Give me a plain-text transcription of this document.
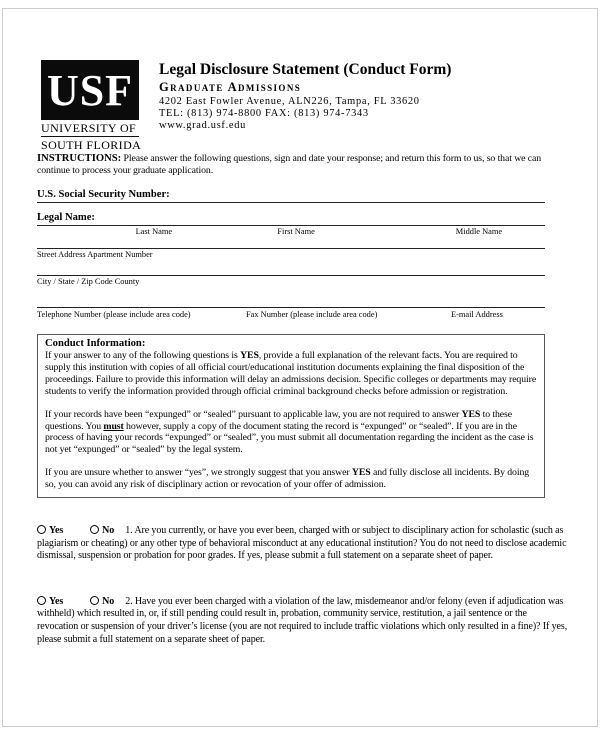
USF
UNIVERSITY OF
SOUTH FLORIDA
Legal Disclosure Statement (Conduct Form)
Graduate Admissions
4202 East Fowler Avenue, ALN226, Tampa, FL 33620
TEL: (813) 974-8800 FAX: (813) 974-7343
www.grad.usf.edu

INSTRUCTIONS: Please answer the following questions, sign and date your response; and return this form to us, so that we can continue to process your graduate application.

U.S. Social Security Number:
Legal Name:
Last Name	First Name	Middle Name
Street Address Apartment Number
City / State / Zip Code County
Telephone Number (please include area code)	Fax Number (please include area code)	E-mail Address
Conduct Information:

If your answer to any of the following questions is YES, provide a full explanation of the relevant facts. You are required to supply this institution with copies of all official court/educational institution documents explaining the final disposition of the proceedings. Failure to provide this information will delay an admissions decision. Specific colleges or departments may require students to verify the information provided through official criminal background checks before admission or registration.

If your records have been “expunged” or “sealed” pursuant to applicable law, you are not required to answer YES to these questions. You must however, supply a copy of the document stating the record is “expunged” or “sealed”. If you are in the process of having your records “expunged” or “sealed”, you must submit all documentation regarding the incident as the case is not yet “expunged” or “sealed” by the legal system.

If you are unsure whether to answer “yes”, we strongly suggest that you answer YES and fully disclose all incidents. By doing so, you can avoid any risk of disciplinary action or revocation of your offer of admission.

Yes	No 1. Are you currently, or have you ever been, charged with or subject to disciplinary action for scholastic (such as plagiarism or cheating) or any other type of behavioral misconduct at any educational institution? You do not need to disclose academic dismissal, suspension or probation for poor grades. If yes, please submit a full statement on a separate sheet of paper.

Yes	No 2. Have you ever been charged with a violation of the law, misdemeanor and/or felony (even if adjudication was withheld) which resulted in, or, if still pending could result in, probation, community service, restitution, a jail sentence or the revocation or suspension of your driver’s license (you are not required to include traffic violations which only resulted in a fine)? If yes, please submit a full statement on a separate sheet of paper.
